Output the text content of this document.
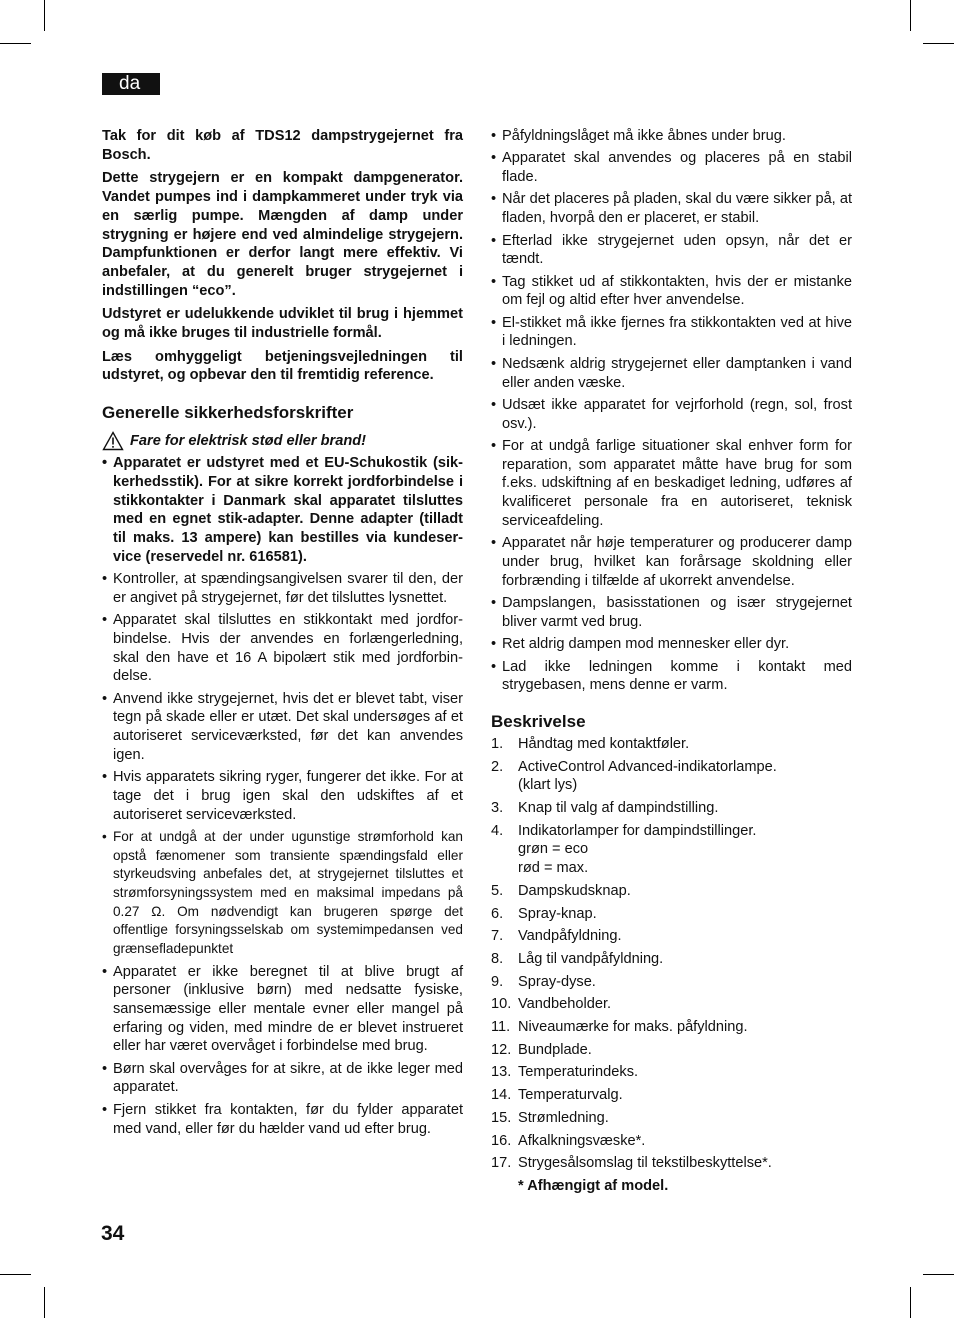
da

Tak for dit køb af TDS12 dampstrygejernet fra Bosch.

Dette strygejern er en kompakt dampgenerator. Vandet pumpes ind i dampkammeret under tryk via en særlig pumpe. Mængden af damp under strygning er højere end ved almindelige strygejern. Dampfunktionen er derfor langt mere effektiv. Vi anbefaler, at du generelt bruger strygejernet i indstillingen “eco”.

Udstyret er udelukkende udviklet til brug i hjemmet og må ikke bruges til industrielle formål.

Læs omhyggeligt betjeningsvejledningen til udstyret, og opbevar den til fremtidig reference.

Generelle sikkerhedsforskrifter
Fare for elektrisk stød eller brand!
• Apparatet er udstyret med et EU-Schukostik (sik-kerhedsstik). For at sikre korrekt jordforbindelse i stikkontakter i Danmark skal apparatet tilsluttes med en egnet stik-adapter. Denne adapter (tilladt til maks. 13 ampere) kan bestilles via kundeser-vice (reservedel nr. 616581).
• Kontroller, at spændingsangivelsen svarer til den, der er angivet på strygejernet, før det tilsluttes lysnettet.
• Apparatet skal tilsluttes en stikkontakt med jordfor-bindelse. Hvis der anvendes en forlængerledning, skal den have et 16 A bipolært stik med jordforbin-delse.
• Anvend ikke strygejernet, hvis det er blevet tabt, viser tegn på skade eller er utæt. Det skal undersøges af et autoriseret serviceværksted, før det kan anvendes igen.
• Hvis apparatets sikring ryger, fungerer det ikke. For at tage det i brug igen skal den udskiftes af et autoriseret serviceværksted.
• For at undgå at der under ugunstige strømforhold kan opstå fænomener som transiente spændingsfald eller styrkeudsving anbefales det, at strygejernet tilsluttes et strømforsyningssystem med en maksimal impedans på 0.27 Ω. Om nødvendigt kan brugeren spørge det offentlige forsyningsselskab om systemimpedansen ved grænsefladepunktet
• Apparatet er ikke beregnet til at blive brugt af personer (inklusive børn) med nedsatte fysiske, sansemæssige eller mentale evner eller mangel på erfaring og viden, med mindre de er blevet instrueret eller har været overvåget i forbindelse med brug.
• Børn skal overvåges for at sikre, at de ikke leger med apparatet.
• Fjern stikket fra kontakten, før du fylder apparatet med vand, eller før du hælder vand ud efter brug.
• Påfyldningslåget må ikke åbnes under brug.
• Apparatet skal anvendes og placeres på en stabil flade.
• Når det placeres på pladen, skal du være sikker på, at fladen, hvorpå den er placeret, er stabil.
• Efterlad ikke strygejernet uden opsyn, når det er tændt.
• Tag stikket ud af stikkontakten, hvis der er mistanke om fejl og altid efter hver anvendelse.
• El-stikket må ikke fjernes fra stikkontakten ved at hive i ledningen.
• Nedsænk aldrig strygejernet eller damptanken i vand eller anden væske.
• Udsæt ikke apparatet for vejrforhold (regn, sol, frost osv.).
• For at undgå farlige situationer skal enhver form for reparation, som apparatet måtte have brug for som f.eks. udskiftning af en beskadiget ledning, udføres af kvalificeret personale fra en autoriseret, teknisk serviceafdeling.
• Apparatet når høje temperaturer og producerer damp under brug, hvilket kan forårsage skoldning eller forbrænding i tilfælde af ukorrekt anvendelse.
• Dampslangen, basisstationen og især strygejernet bliver varmt ved brug.
• Ret aldrig dampen mod mennesker eller dyr.
• Lad ikke ledningen komme i kontakt med strygebasen, mens denne er varm.
Beskrivelse
1.	Håndtag med kontaktføler.
2.	ActiveControl Advanced-indikatorlampe.
(klart lys)
3.	Knap til valg af dampindstilling.
4.	Indikatorlamper for dampindstillinger.
grøn = eco
rød = max.
5.	Dampskudsknap.
6.	Spray-knap.
7.	Vandpåfyldning.
8.	Låg til vandpåfyldning.
9.	Spray-dyse.
10. Vandbeholder.
11. Niveaumærke for maks. påfyldning.
12. Bundplade.
13. Temperaturindeks.
14. Temperaturvalg.
15. Strømledning.
16. Afkalkningsvæske*.
17. Strygesålsomslag til tekstilbeskyttelse*.
* Afhængigt af model.
34
